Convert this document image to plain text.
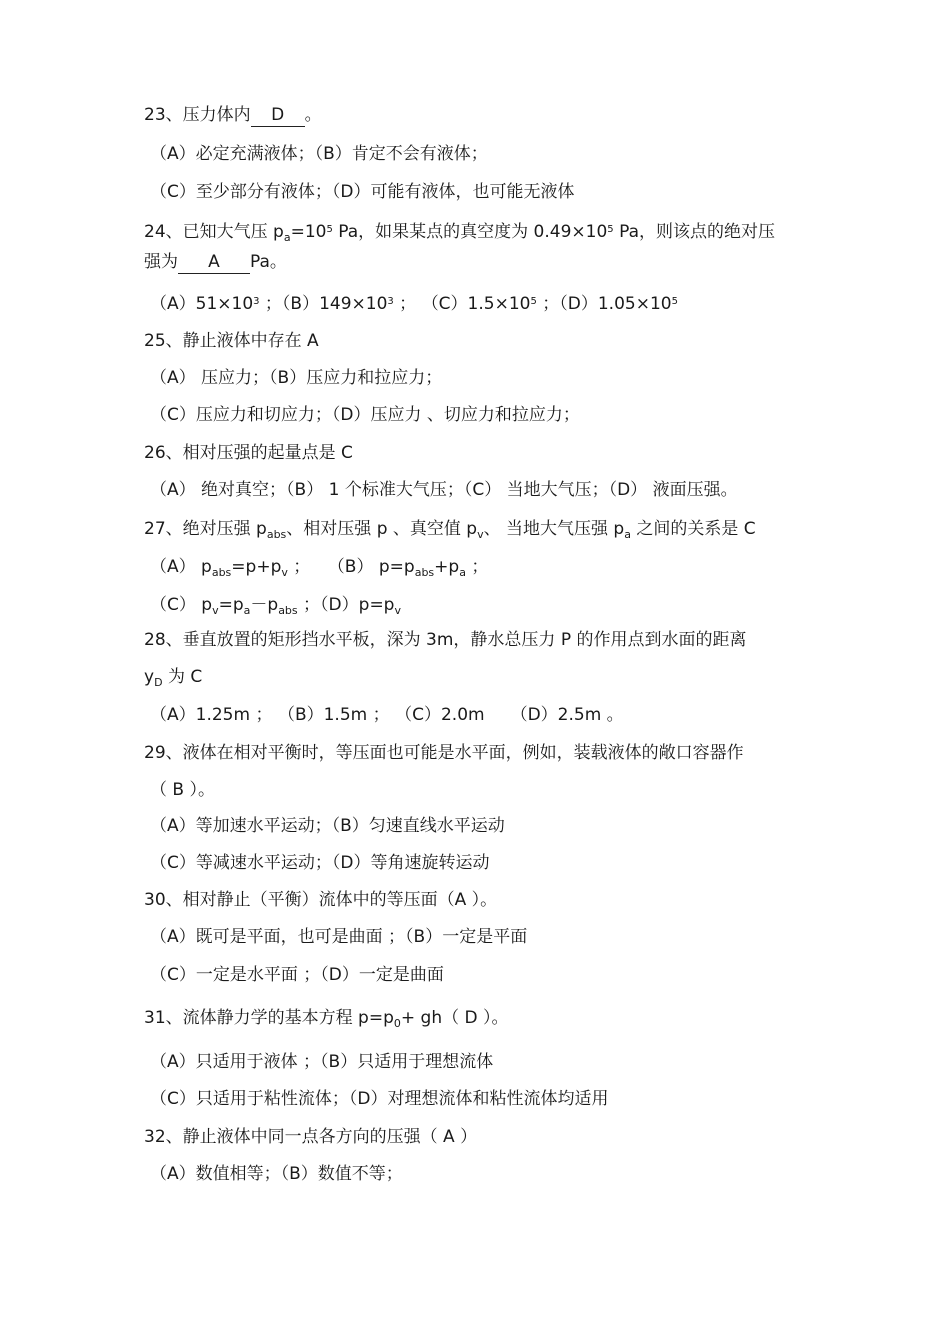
23、压力体内 D 。
（A）必定充满液体；（B）肯定不会有液体；
（C）至少部分有液体；（D）可能有液体，也可能无液体
24、已知大气压 $p_a=10^5$ Pa，如果某点的真空度为 $0.49\times 10^5$ Pa，则该点的绝对压
强为 A Pa。
$(A)51\times 10^3$ ；$(B)149\times 10^3$ ； $(C)1.5\times 10^5$ ；$(D)1.05\times 10^5$
25、静止液体中存在 A
（A） 压应力；（B）压应力和拉应力；
（C）压应力和切应力；（D）压应力 、切应力和拉应力；
26、相对压强的起量点是 C
（A） 绝对真空；（B） 1 个标准大气压；（C） 当地大气压；（D） 液面压强。
27、绝对压强 $p_{abs}$、相对压强 p 、真空值 $p_v$、 当地大气压强 $p_a$ 之间的关系是 C
（A） $p_{abs}=p+p_v$ ； （B） $p=p_{abs}+p_a$ ；
（C） $p_v=p_a-p_{abs}$ ；$(D)p=p_v$
28、垂直放置的矩形挡水平板，深为 3m，静水总压力 P 的作用点到水面的距离
$y_D$ 为 C
（A）1.25m ； （B）1.5m ； （C）2.0m （D）2.5m 。
29、液体在相对平衡时，等压面也可能是水平面，例如，装载液体的敞口容器作
（ B ）。
（A）等加速水平运动；（B）匀速直线水平运动
（C）等减速水平运动；（D）等角速旋转运动
30、相对静止（平衡）流体中的等压面（A ）。
（A）既可是平面，也可是曲面 ；（B）一定是平面
（C）一定是水平面 ；（D）一定是曲面
31、流体静力学的基本方程 $p=p_0+ gh$（ D ）。
（A）只适用于液体 ；（B）只适用于理想流体
（C）只适用于粘性流体；（D）对理想流体和粘性流体均适用
32、静止液体中同一点各方向的压强（ A ）
（A）数值相等；（B）数值不等；
